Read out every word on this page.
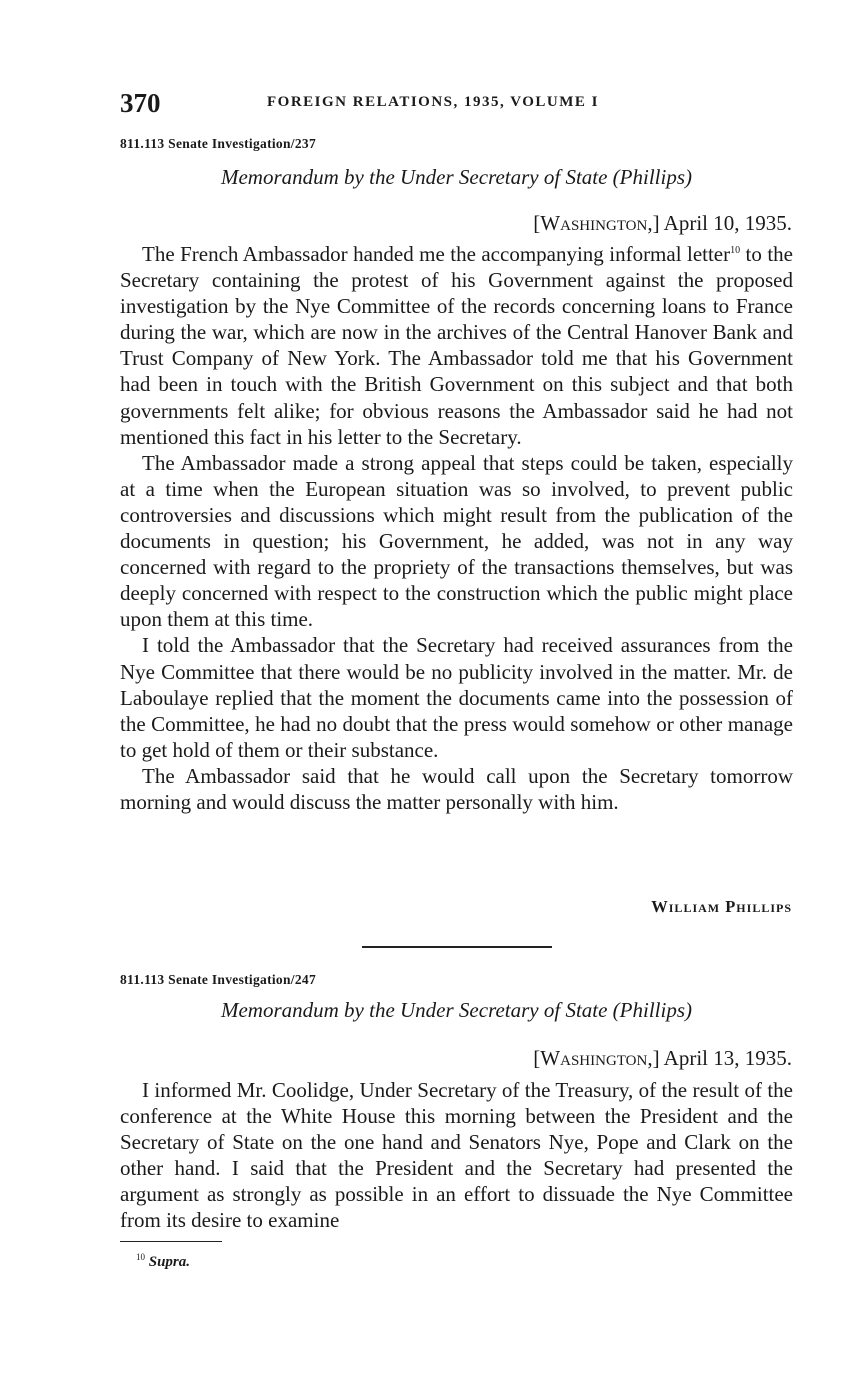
370	FOREIGN RELATIONS, 1935, VOLUME I
811.113 Senate Investigation/237
Memorandum by the Under Secretary of State (Phillips)
[Washington,] April 10, 1935.

The French Ambassador handed me the accompanying informal letter$^{10}$ to the Secretary containing the protest of his Government against the proposed investigation by the Nye Committee of the records concerning loans to France during the war, which are now in the archives of the Central Hanover Bank and Trust Company of New York. The Ambassador told me that his Government had been in touch with the British Government on this subject and that both governments felt alike; for obvious reasons the Ambassador said he had not mentioned this fact in his letter to the Secretary.

The Ambassador made a strong appeal that steps could be taken, especially at a time when the European situation was so involved, to prevent public controversies and discussions which might result from the publication of the documents in question; his Government, he added, was not in any way concerned with regard to the propriety of the transactions themselves, but was deeply concerned with respect to the construction which the public might place upon them at this time.

I told the Ambassador that the Secretary had received assurances from the Nye Committee that there would be no publicity involved in the matter. Mr. de Laboulaye replied that the moment the documents came into the possession of the Committee, he had no doubt that the press would somehow or other manage to get hold of them or their substance.

The Ambassador said that he would call upon the Secretary tomorrow morning and would discuss the matter personally with him.

William Phillips
811.113 Senate Investigation/247
Memorandum by the Under Secretary of State (Phillips)
[Washington,] April 13, 1935.

I informed Mr. Coolidge, Under Secretary of the Treasury, of the result of the conference at the White House this morning between the President and the Secretary of State on the one hand and Senators Nye, Pope and Clark on the other hand. I said that the President and the Secretary had presented the argument as strongly as possible in an effort to dissuade the Nye Committee from its desire to examine

$^{10}$ Supra.
